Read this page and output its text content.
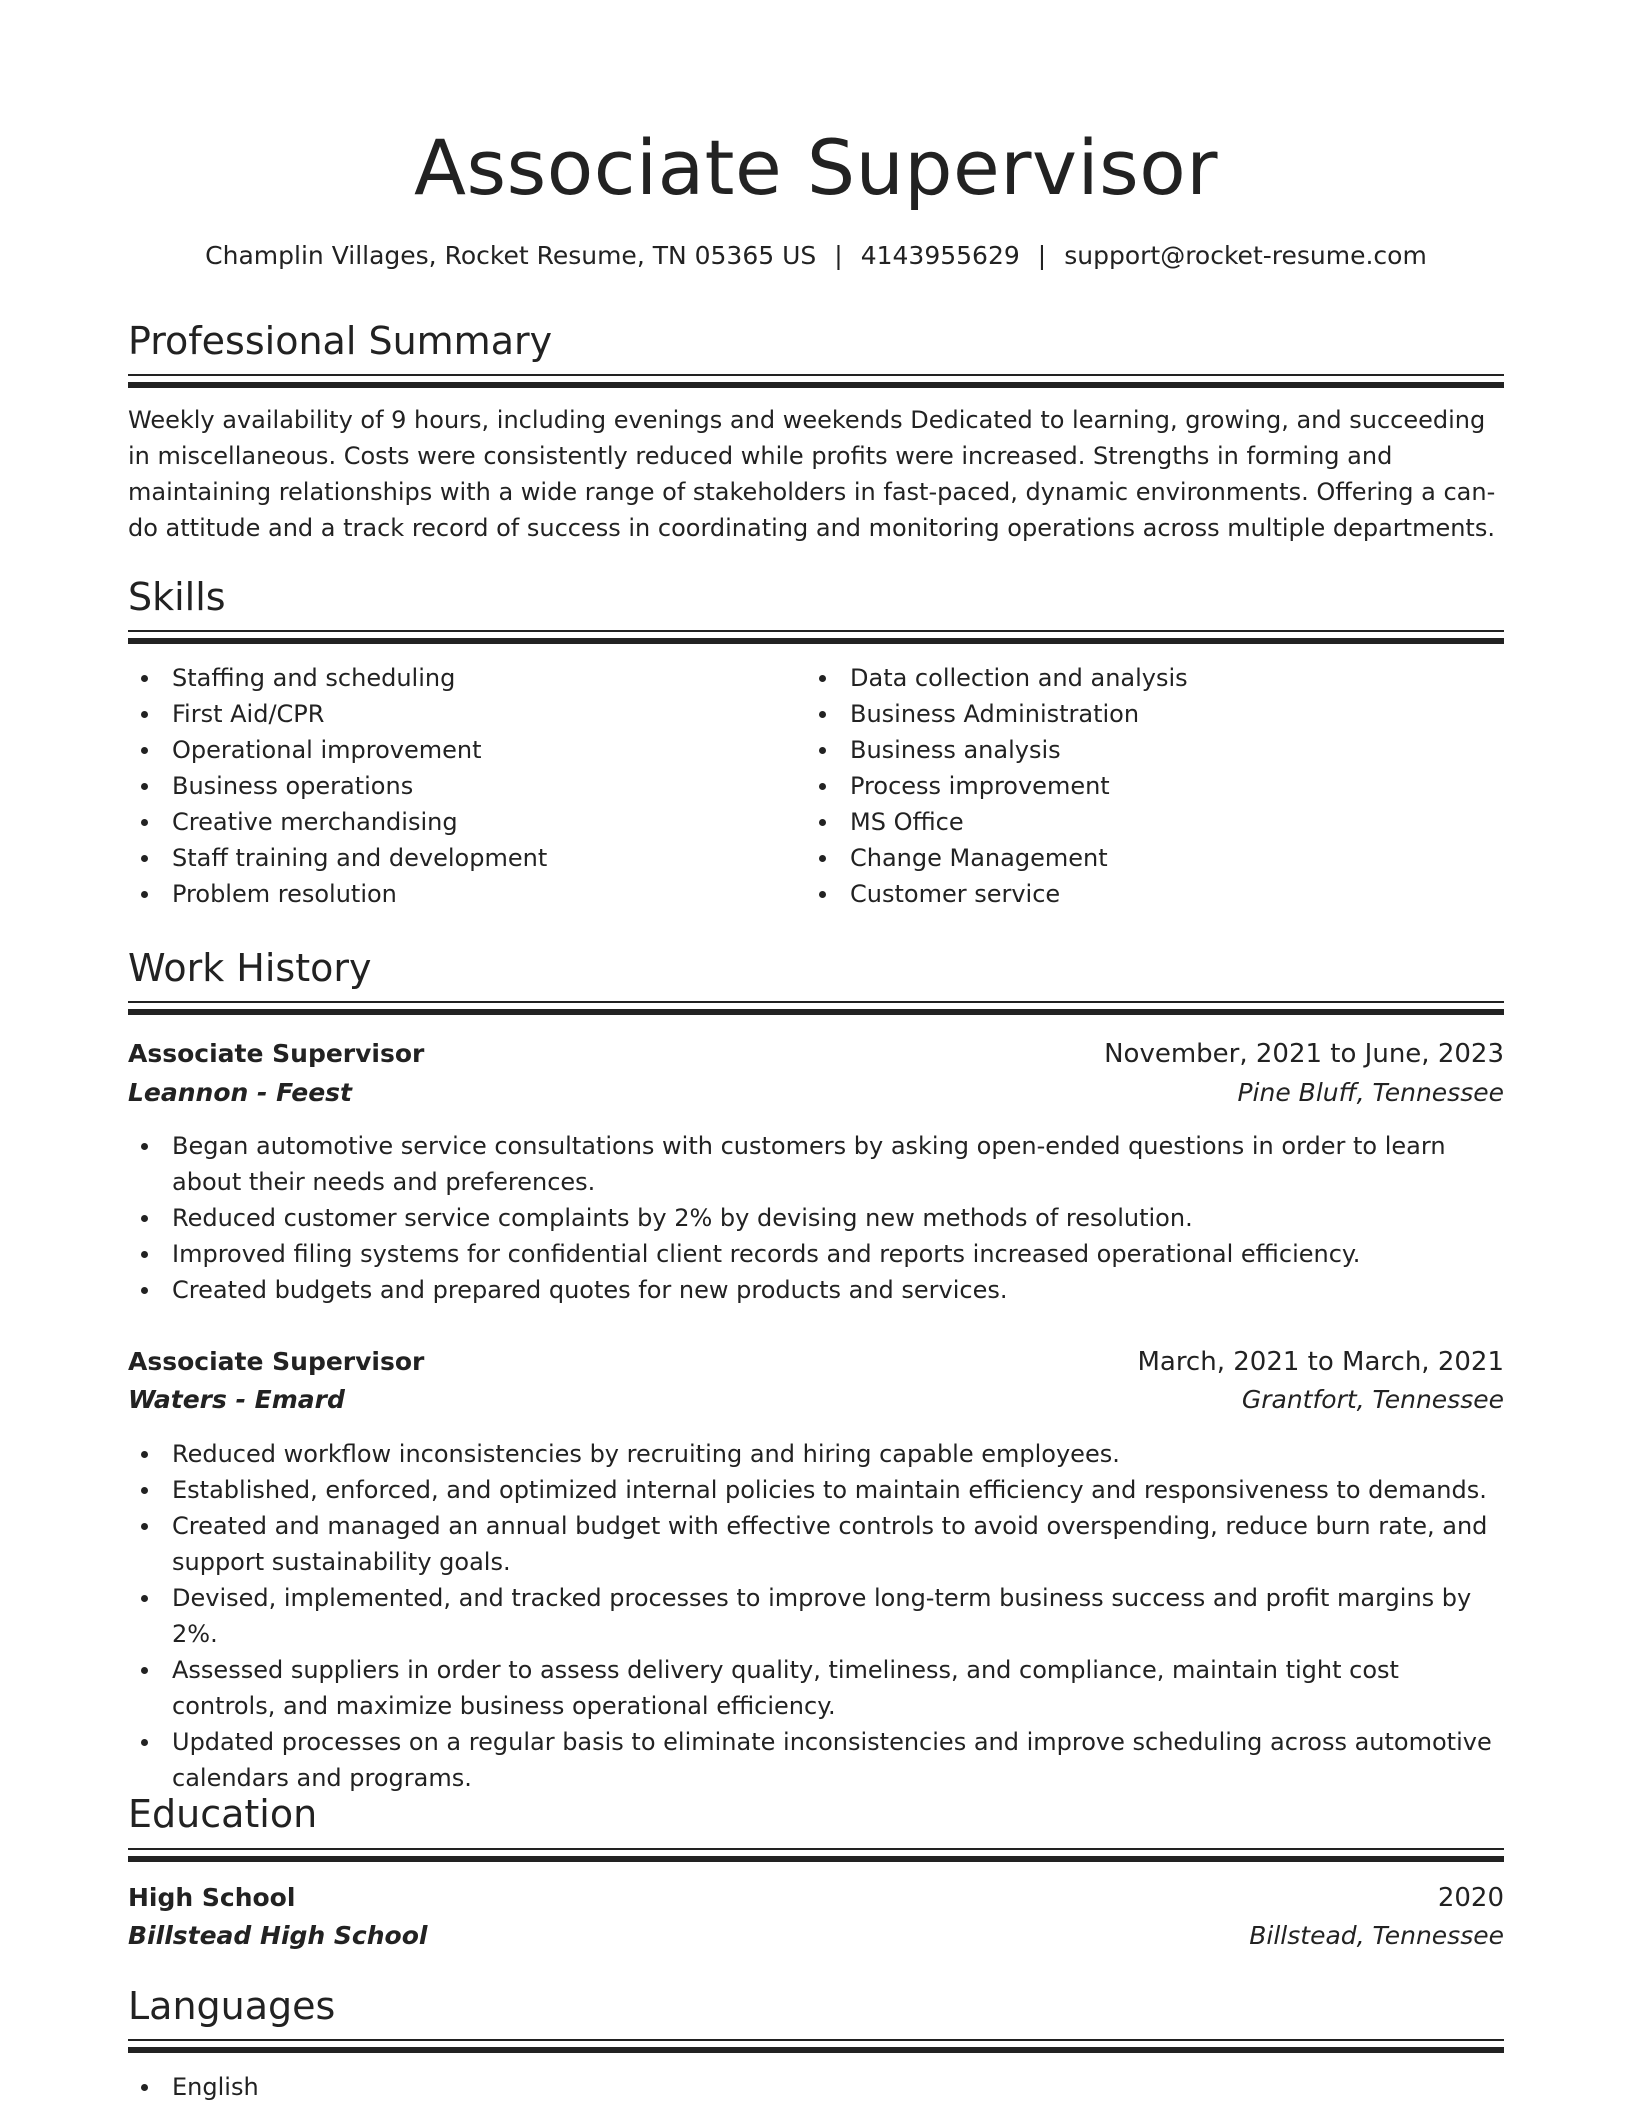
Associate Supervisor
Champlin Villages, Rocket Resume, TN 05365 US | 4143955629 | support@rocket-resume.com
Professional Summary
Weekly availability of 9 hours, including evenings and weekends Dedicated to learning, growing, and succeeding in miscellaneous. Costs were consistently reduced while profits were increased. Strengths in forming and maintaining relationships with a wide range of stakeholders in fast-paced, dynamic environments. Offering a can-do attitude and a track record of success in coordinating and monitoring operations across multiple departments.
Skills
Staffing and scheduling
First Aid/CPR
Operational improvement
Business operations
Creative merchandising
Staff training and development
Problem resolution
Data collection and analysis
Business Administration
Business analysis
Process improvement
MS Office
Change Management
Customer service
Work History
Associate Supervisor	November, 2021 to June, 2023
Leannon - Feest	Pine Bluff, Tennessee
Began automotive service consultations with customers by asking open-ended questions in order to learn about their needs and preferences.
Reduced customer service complaints by 2% by devising new methods of resolution.
Improved filing systems for confidential client records and reports increased operational efficiency.
Created budgets and prepared quotes for new products and services.
Associate Supervisor	March, 2021 to March, 2021
Waters - Emard	Grantfort, Tennessee
Reduced workflow inconsistencies by recruiting and hiring capable employees.
Established, enforced, and optimized internal policies to maintain efficiency and responsiveness to demands.
Created and managed an annual budget with effective controls to avoid overspending, reduce burn rate, and support sustainability goals.
Devised, implemented, and tracked processes to improve long-term business success and profit margins by 2%.
Assessed suppliers in order to assess delivery quality, timeliness, and compliance, maintain tight cost controls, and maximize business operational efficiency.
Updated processes on a regular basis to eliminate inconsistencies and improve scheduling across automotive calendars and programs.
Education
High School	2020
Billstead High School	Billstead, Tennessee
Languages
English
